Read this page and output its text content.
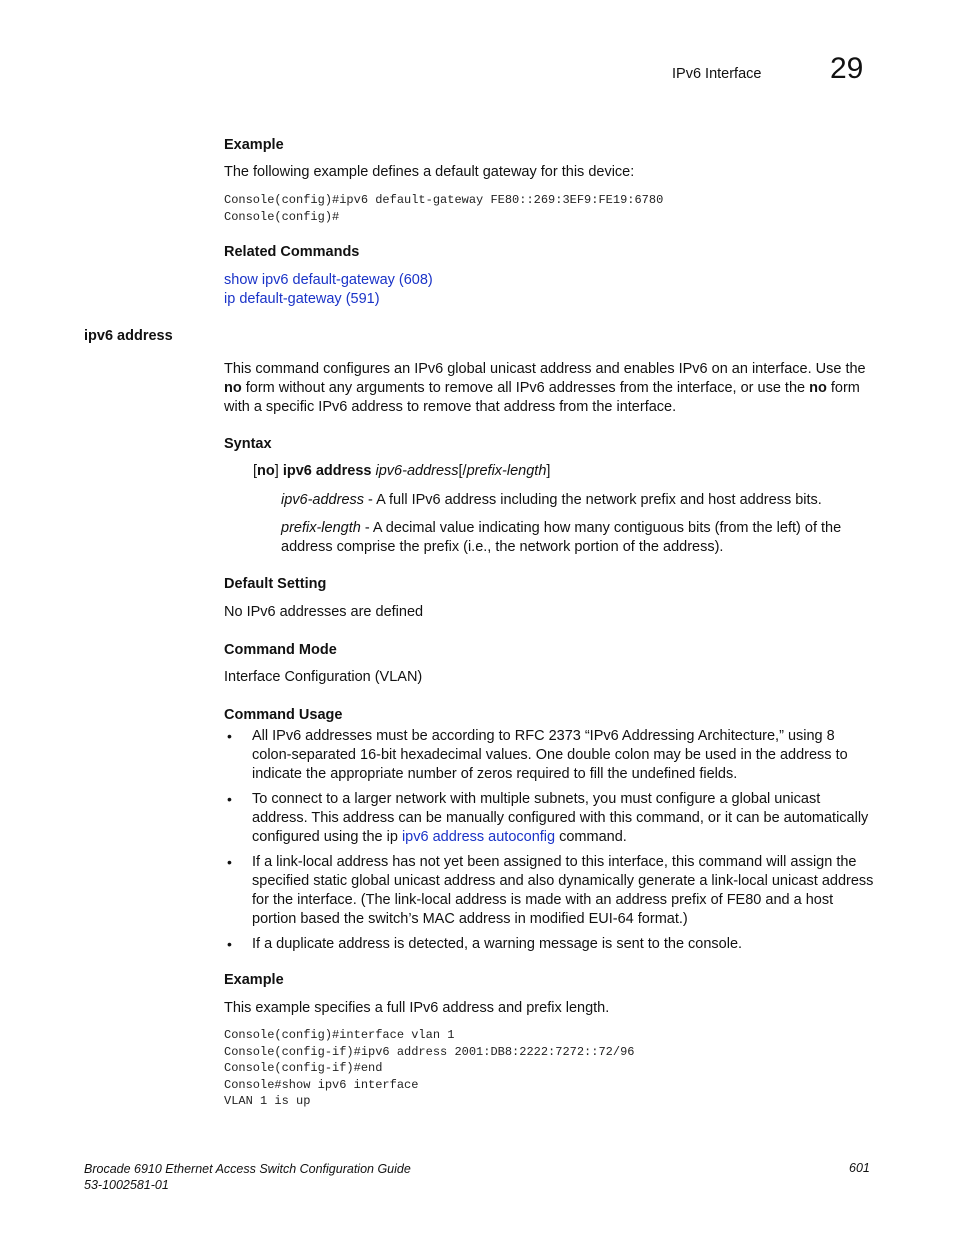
IPv6 Interface 29
Example
The following example defines a default gateway for this device:
Console(config)#ipv6 default-gateway FE80::269:3EF9:FE19:6780
Console(config)#
Related Commands
show ipv6 default-gateway (608)
ip default-gateway (591)
ipv6 address
This command configures an IPv6 global unicast address and enables IPv6 on an interface. Use the no form without any arguments to remove all IPv6 addresses from the interface, or use the no form with a specific IPv6 address to remove that address from the interface.
Syntax
[no] ipv6 address ipv6-address[/prefix-length]
ipv6-address - A full IPv6 address including the network prefix and host address bits.
prefix-length - A decimal value indicating how many contiguous bits (from the left) of the address comprise the prefix (i.e., the network portion of the address).
Default Setting
No IPv6 addresses are defined
Command Mode
Interface Configuration (VLAN)
Command Usage
• All IPv6 addresses must be according to RFC 2373 “IPv6 Addressing Architecture,” using 8 colon-separated 16-bit hexadecimal values. One double colon may be used in the address to indicate the appropriate number of zeros required to fill the undefined fields.
• To connect to a larger network with multiple subnets, you must configure a global unicast address. This address can be manually configured with this command, or it can be automatically configured using the ip ipv6 address autoconfig command.
• If a link-local address has not yet been assigned to this interface, this command will assign the specified static global unicast address and also dynamically generate a link-local unicast address for the interface. (The link-local address is made with an address prefix of FE80 and a host portion based the switch’s MAC address in modified EUI-64 format.)
• If a duplicate address is detected, a warning message is sent to the console.
Example
This example specifies a full IPv6 address and prefix length.
Console(config)#interface vlan 1
Console(config-if)#ipv6 address 2001:DB8:2222:7272::72/96
Console(config-if)#end
Console#show ipv6 interface
VLAN 1 is up
Brocade 6910 Ethernet Access Switch Configuration Guide
53-1002581-01
601
